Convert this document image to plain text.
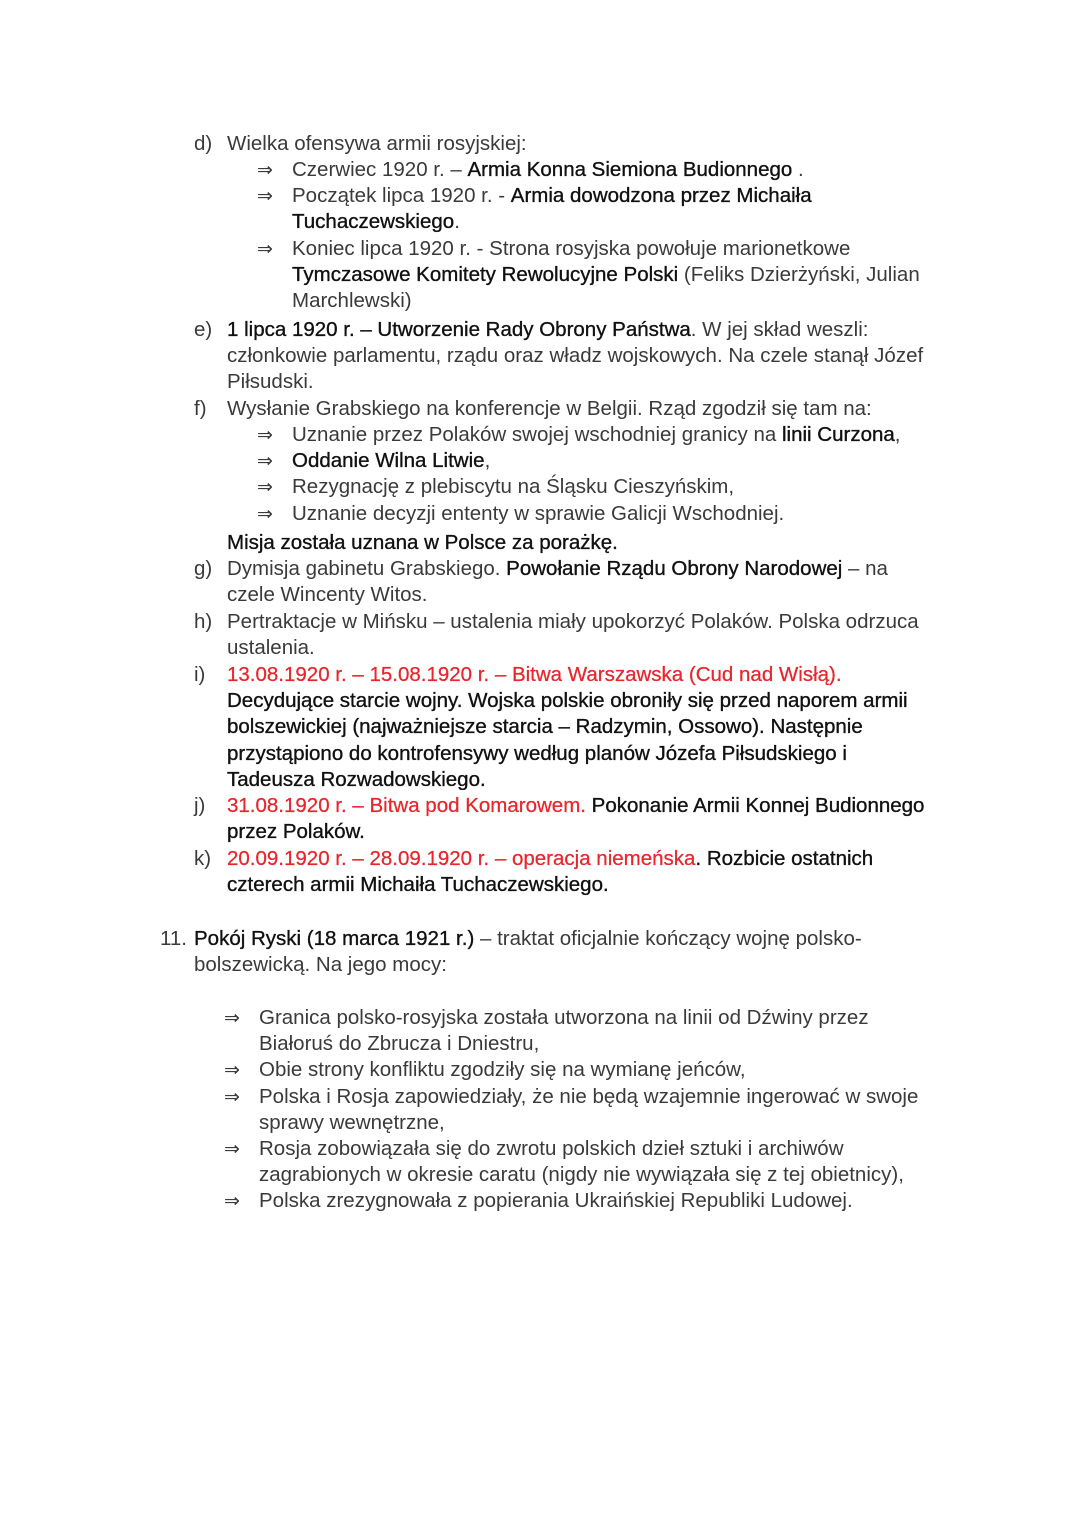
d) Wielka ofensywa armii rosyjskiej:
⇒ Czerwiec 1920 r. – Armia Konna Siemiona Budionnego .
⇒ Początek lipca 1920 r. - Armia dowodzona przez Michaiła Tuchaczewskiego.
⇒ Koniec lipca 1920 r. - Strona rosyjska powołuje marionetkowe Tymczasowe Komitety Rewolucyjne Polski (Feliks Dzierżyński, Julian Marchlewski)
e) 1 lipca 1920 r. – Utworzenie Rady Obrony Państwa. W jej skład weszli: członkowie parlamentu, rządu oraz władz wojskowych. Na czele stanął Józef Piłsudski.
f) Wysłanie Grabskiego na konferencje w Belgii. Rząd zgodził się tam na:
⇒ Uznanie przez Polaków swojej wschodniej granicy na linii Curzona,
⇒ Oddanie Wilna Litwie,
⇒ Rezygnację z plebiscytu na Śląsku Cieszyńskim,
⇒ Uznanie decyzji ententy w sprawie Galicji Wschodniej.
Misja została uznana w Polsce za porażkę.
g) Dymisja gabinetu Grabskiego. Powołanie Rządu Obrony Narodowej – na czele Wincenty Witos.
h) Pertraktacje w Mińsku – ustalenia miały upokorzyć Polaków. Polska odrzuca ustalenia.
i) 13.08.1920 r. – 15.08.1920 r. – Bitwa Warszawska (Cud nad Wisłą).
Decydujące starcie wojny. Wojska polskie obroniły się przed naporem armii bolszewickiej (najważniejsze starcia – Radzymin, Ossowo). Następnie przystąpiono do kontrofensywy według planów Józefa Piłsudskiego i Tadeusza Rozwadowskiego.
j) 31.08.1920 r. – Bitwa pod Komarowem. Pokonanie Armii Konnej Budionnego przez Polaków.
k) 20.09.1920 r. – 28.09.1920 r. – operacja niemeńska. Rozbicie ostatnich czterech armii Michaiła Tuchaczewskiego.
11. Pokój Ryski (18 marca 1921 r.) – traktat oficjalnie kończący wojnę polsko-bolszewicką. Na jego mocy:
⇒ Granica polsko-rosyjska została utworzona na linii od Dźwiny przez Białoruś do Zbrucza i Dniestru,
⇒ Obie strony konfliktu zgodziły się na wymianę jeńców,
⇒ Polska i Rosja zapowiedziały, że nie będą wzajemnie ingerować w swoje sprawy wewnętrzne,
⇒ Rosja zobowiązała się do zwrotu polskich dzieł sztuki i archiwów zagrabionych w okresie caratu (nigdy nie wywiązała się z tej obietnicy),
⇒ Polska zrezygnowała z popierania Ukraińskiej Republiki Ludowej.
